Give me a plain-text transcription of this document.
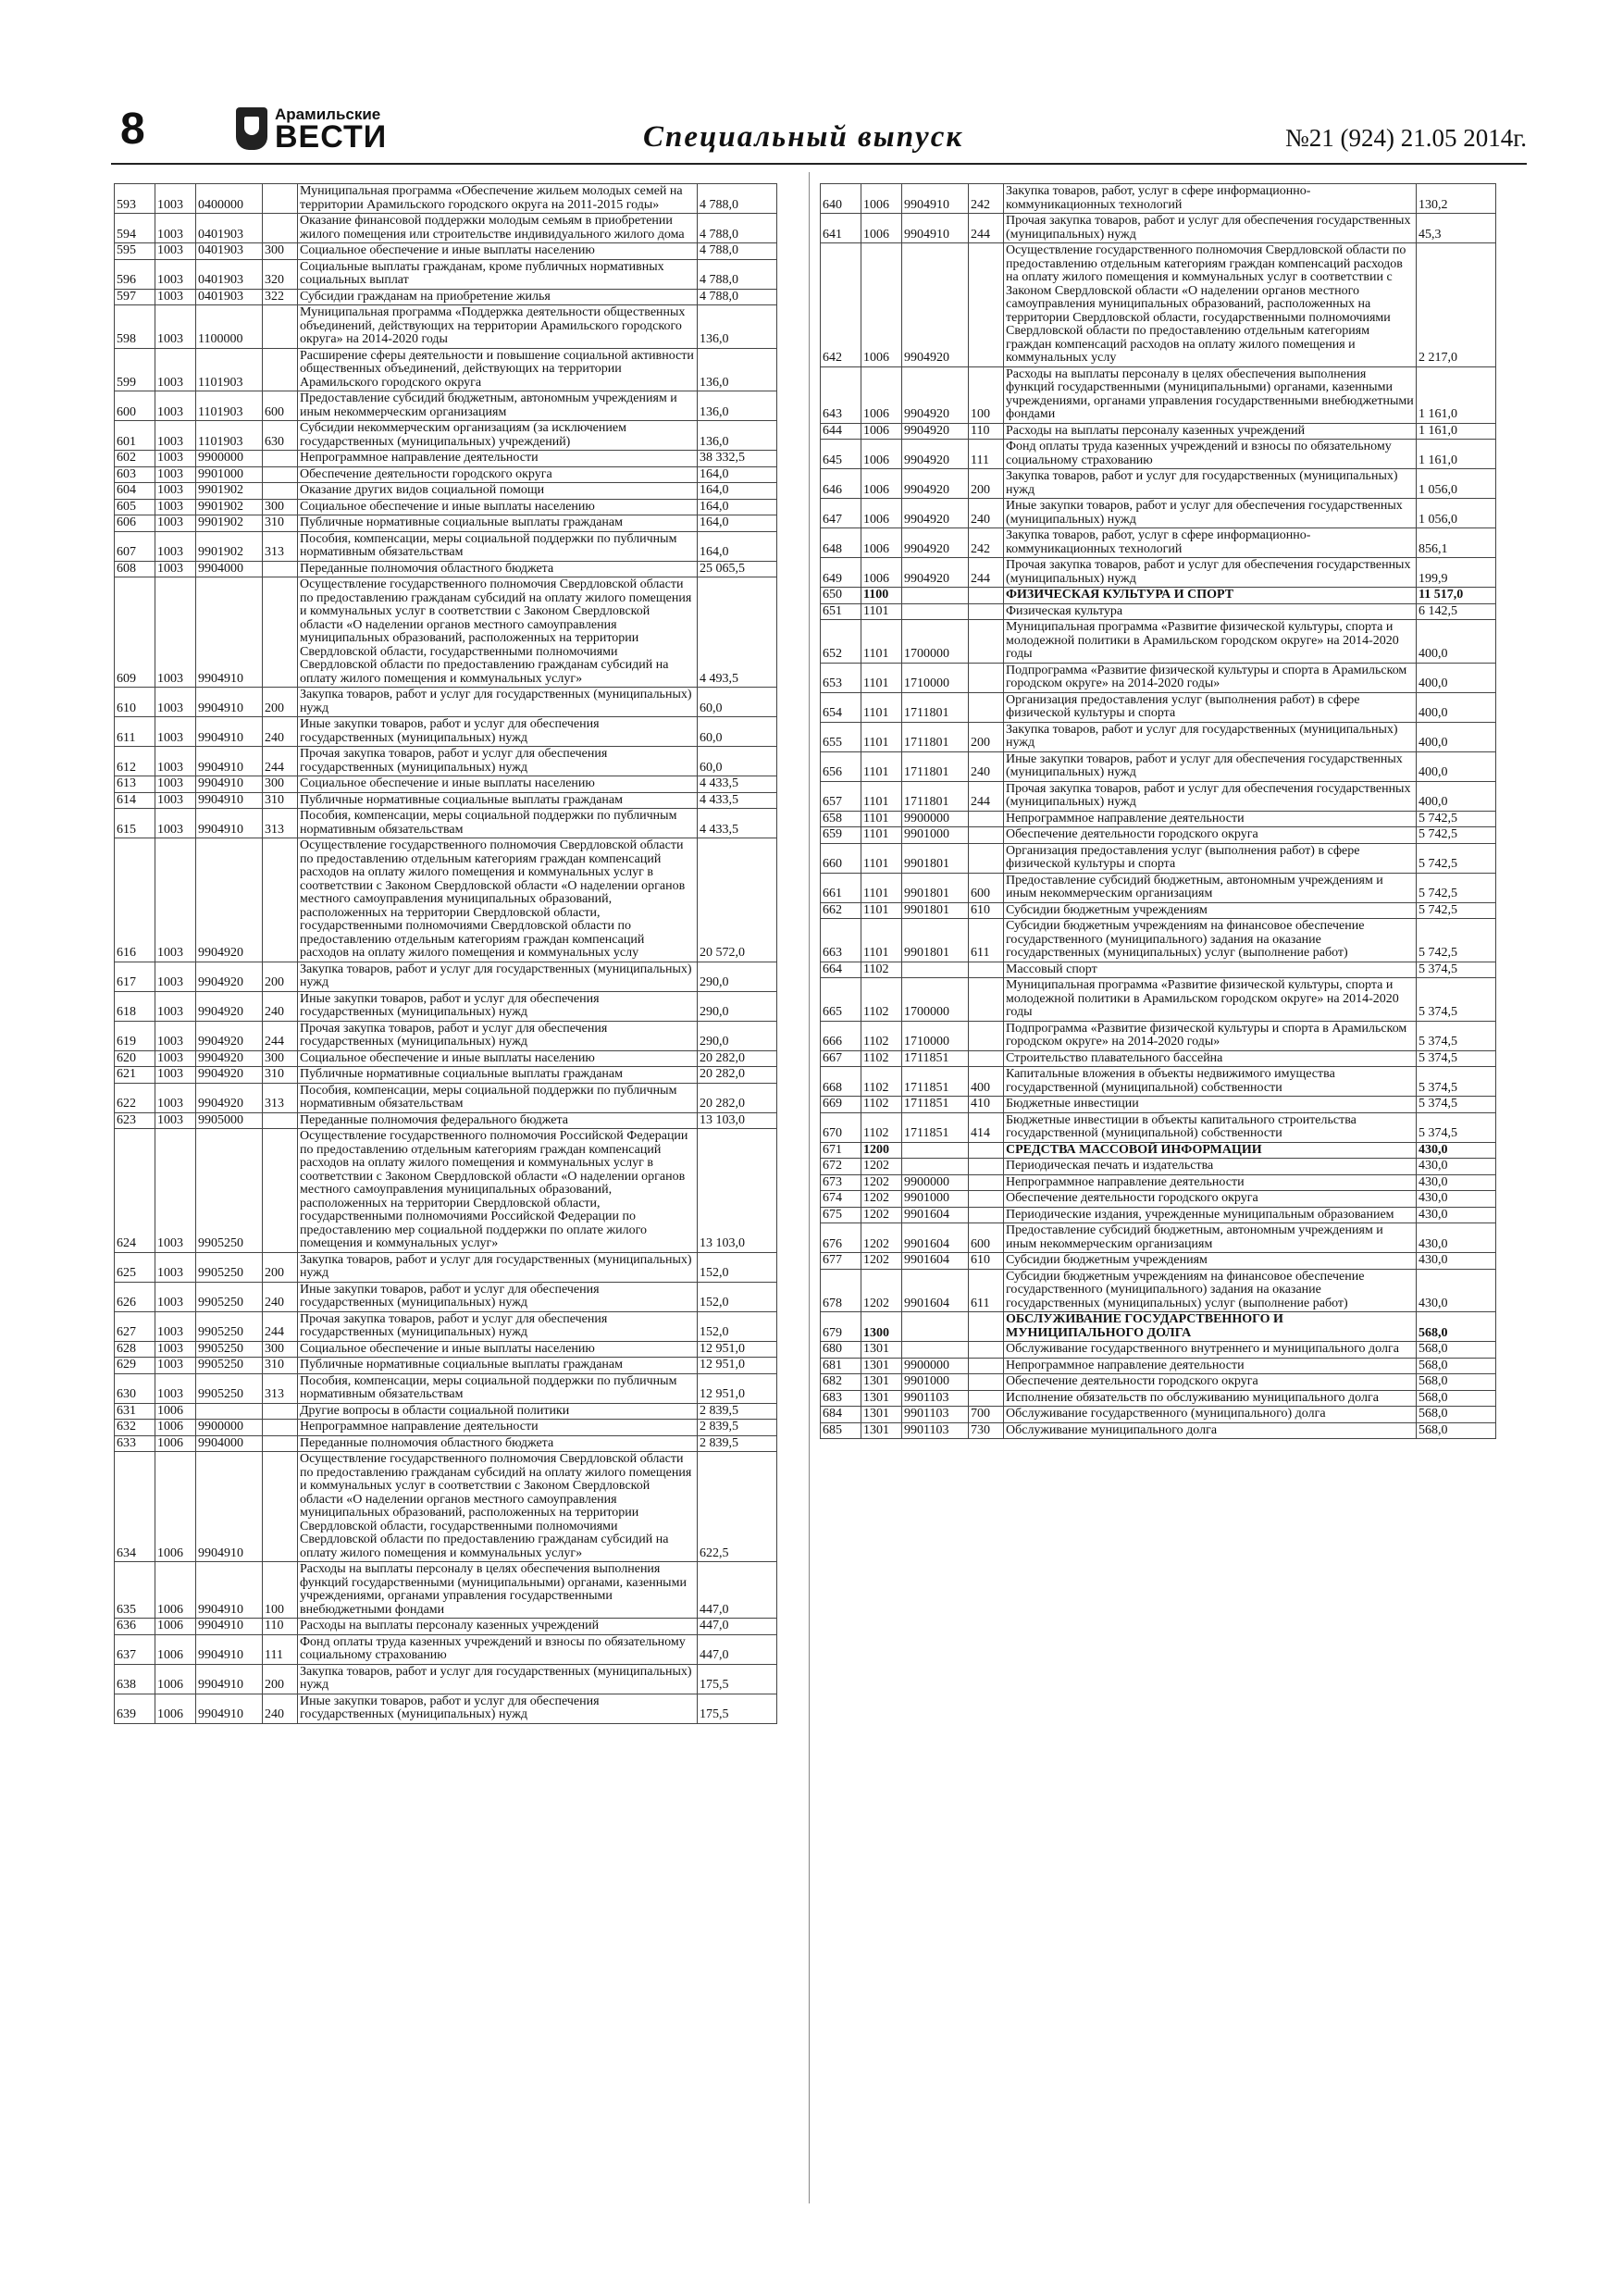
8	Арамильские
ВЕСТИ	Специальный выпуск	№21 (924) 21.05 2014г.
593	1003	0400000		Муниципальная программа «Обеспечение жильем молодых семей на территории Арамильского городского округа на 2011-2015 годы»	4 788,0
594	1003	0401903		Оказание финансовой поддержки молодым семьям в приобретении жилого помещения или строительстве индивидуального жилого дома	4 788,0
595	1003	0401903	300	Социальное обеспечение и иные выплаты населению	4 788,0
596	1003	0401903	320	Социальные выплаты гражданам, кроме публичных нормативных социальных выплат	4 788,0
597	1003	0401903	322	Субсидии гражданам на приобретение жилья	4 788,0
598	1003	1100000		Муниципальная программа «Поддержка деятельности общественных объединений, действующих на территории Арамильского городского округа» на 2014-2020 годы	136,0
599	1003	1101903		Расширение сферы деятельности и повышение социальной активности общественных объединений, действующих на территории Арамильского городского округа	136,0
600	1003	1101903	600	Предоставление субсидий бюджетным, автономным учреждениям и иным некоммерческим организациям	136,0
601	1003	1101903	630	Субсидии некоммерческим организациям (за исключением государственных (муниципальных) учреждений)	136,0
602	1003	9900000		Непрограммное направление деятельности	38 332,5
603	1003	9901000		Обеспечение деятельности городского округа	164,0
604	1003	9901902		Оказание других видов социальной помощи	164,0
605	1003	9901902	300	Социальное обеспечение и иные выплаты населению	164,0
606	1003	9901902	310	Публичные нормативные социальные выплаты гражданам	164,0
607	1003	9901902	313	Пособия, компенсации, меры социальной поддержки по публичным нормативным обязательствам	164,0
608	1003	9904000		Переданные полномочия областного бюджета	25 065,5
609	1003	9904910		Осуществление государственного полномочия Свердловской области по предоставлению гражданам субсидий на оплату жилого помещения и коммунальных услуг в соответствии с Законом Свердловской области «О наделении органов местного самоуправления муниципальных образований, расположенных на территории Свердловской области, государственными полномочиями Свердловской области по предоставлению гражданам субсидий на оплату жилого помещения и коммунальных услуг»	4 493,5
610	1003	9904910	200	Закупка товаров, работ и услуг для государственных (муниципальных) нужд	60,0
611	1003	9904910	240	Иные закупки товаров, работ и услуг для обеспечения государственных (муниципальных) нужд	60,0
612	1003	9904910	244	Прочая закупка товаров, работ и услуг для обеспечения государственных (муниципальных) нужд	60,0
613	1003	9904910	300	Социальное обеспечение и иные выплаты населению	4 433,5
614	1003	9904910	310	Публичные нормативные социальные выплаты гражданам	4 433,5
615	1003	9904910	313	Пособия, компенсации, меры социальной поддержки по публичным нормативным обязательствам	4 433,5
616	1003	9904920		Осуществление государственного полномочия Свердловской области по предоставлению отдельным категориям граждан компенсаций расходов на оплату жилого помещения и коммунальных услуг в соответствии с Законом Свердловской области «О наделении органов местного самоуправления муниципальных образований, расположенных на территории Свердловской области, государственными полномочиями Свердловской области по предоставлению отдельным категориям граждан компенсаций расходов на оплату жилого помещения и коммунальных услу	20 572,0
617	1003	9904920	200	Закупка товаров, работ и услуг для государственных (муниципальных) нужд	290,0
618	1003	9904920	240	Иные закупки товаров, работ и услуг для обеспечения государственных (муниципальных) нужд	290,0
619	1003	9904920	244	Прочая закупка товаров, работ и услуг для обеспечения государственных (муниципальных) нужд	290,0
620	1003	9904920	300	Социальное обеспечение и иные выплаты населению	20 282,0
621	1003	9904920	310	Публичные нормативные социальные выплаты гражданам	20 282,0
622	1003	9904920	313	Пособия, компенсации, меры социальной поддержки по публичным нормативным обязательствам	20 282,0
623	1003	9905000		Переданные полномочия федерального бюджета	13 103,0
624	1003	9905250		Осуществление государственного полномочия Российской Федерации по предоставлению отдельным категориям граждан компенсаций расходов на оплату жилого помещения и коммунальных услуг в соответствии с Законом Свердловской области «О наделении органов местного самоуправления муниципальных образований, расположенных на территории Свердловской области, государственными полномочиями Российской Федерации по предоставлению мер социальной поддержки по оплате жилого помещения и коммунальных услуг»	13 103,0
625	1003	9905250	200	Закупка товаров, работ и услуг для государственных (муниципальных) нужд	152,0
626	1003	9905250	240	Иные закупки товаров, работ и услуг для обеспечения государственных (муниципальных) нужд	152,0
627	1003	9905250	244	Прочая закупка товаров, работ и услуг для обеспечения государственных (муниципальных) нужд	152,0
628	1003	9905250	300	Социальное обеспечение и иные выплаты населению	12 951,0
629	1003	9905250	310	Публичные нормативные социальные выплаты гражданам	12 951,0
630	1003	9905250	313	Пособия, компенсации, меры социальной поддержки по публичным нормативным обязательствам	12 951,0
631	1006			Другие вопросы в области социальной политики	2 839,5
632	1006	9900000		Непрограммное направление деятельности	2 839,5
633	1006	9904000		Переданные полномочия областного бюджета	2 839,5
634	1006	9904910		Осуществление государственного полномочия Свердловской области по предоставлению гражданам субсидий на оплату жилого помещения и коммунальных услуг в соответствии с Законом Свердловской области «О наделении органов местного самоуправления муниципальных образований, расположенных на территории Свердловской области, государственными полномочиями Свердловской области по предоставлению гражданам субсидий на оплату жилого помещения и коммунальных услуг»	622,5
635	1006	9904910	100	Расходы на выплаты персоналу в целях обеспечения выполнения функций государственными (муниципальными) органами, казенными учреждениями, органами управления государственными внебюджетными фондами	447,0
636	1006	9904910	110	Расходы на выплаты персоналу казенных учреждений	447,0
637	1006	9904910	111	Фонд оплаты труда казенных учреждений и взносы по обязательному социальному страхованию	447,0
638	1006	9904910	200	Закупка товаров, работ и услуг для государственных (муниципальных) нужд	175,5
639	1006	9904910	240	Иные закупки товаров, работ и услуг для обеспечения государственных (муниципальных) нужд	175,5
640	1006	9904910	242	Закупка товаров, работ, услуг в сфере информационно-коммуникационных технологий	130,2
641	1006	9904910	244	Прочая закупка товаров, работ и услуг для обеспечения государственных (муниципальных) нужд	45,3
642	1006	9904920		Осуществление государственного полномочия Свердловской области по предоставлению отдельным категориям граждан компенсаций расходов на оплату жилого помещения и коммунальных услуг в соответствии с Законом Свердловской области «О наделении органов местного самоуправления муниципальных образований, расположенных на территории Свердловской области, государственными полномочиями Свердловской области по предоставлению отдельным категориям граждан компенсаций расходов на оплату жилого помещения и коммунальных услу	2 217,0
643	1006	9904920	100	Расходы на выплаты персоналу в целях обеспечения выполнения функций государственными (муниципальными) органами, казенными учреждениями, органами управления государственными внебюджетными фондами	1 161,0
644	1006	9904920	110	Расходы на выплаты персоналу казенных учреждений	1 161,0
645	1006	9904920	111	Фонд оплаты труда казенных учреждений и взносы по обязательному социальному страхованию	1 161,0
646	1006	9904920	200	Закупка товаров, работ и услуг для государственных (муниципальных) нужд	1 056,0
647	1006	9904920	240	Иные закупки товаров, работ и услуг для обеспечения государственных (муниципальных) нужд	1 056,0
648	1006	9904920	242	Закупка товаров, работ, услуг в сфере информационно-коммуникационных технологий	856,1
649	1006	9904920	244	Прочая закупка товаров, работ и услуг для обеспечения государственных (муниципальных) нужд	199,9
650	1100			ФИЗИЧЕСКАЯ КУЛЬТУРА И СПОРТ	11 517,0
651	1101			Физическая культура	6 142,5
652	1101	1700000		Муниципальная программа «Развитие физической культуры, спорта и молодежной политики в Арамильском городском округе» на 2014-2020 годы	400,0
653	1101	1710000		Подпрограмма «Развитие физической культуры и спорта в Арамильском городском округе» на 2014-2020 годы»	400,0
654	1101	1711801		Организация предоставления услуг (выполнения работ) в сфере физической культуры и спорта	400,0
655	1101	1711801	200	Закупка товаров, работ и услуг для государственных (муниципальных) нужд	400,0
656	1101	1711801	240	Иные закупки товаров, работ и услуг для обеспечения государственных (муниципальных) нужд	400,0
657	1101	1711801	244	Прочая закупка товаров, работ и услуг для обеспечения государственных (муниципальных) нужд	400,0
658	1101	9900000		Непрограммное направление деятельности	5 742,5
659	1101	9901000		Обеспечение деятельности городского округа	5 742,5
660	1101	9901801		Организация предоставления услуг (выполнения работ) в сфере физической культуры и спорта	5 742,5
661	1101	9901801	600	Предоставление субсидий бюджетным, автономным учреждениям и иным некоммерческим организациям	5 742,5
662	1101	9901801	610	Субсидии бюджетным учреждениям	5 742,5
663	1101	9901801	611	Субсидии бюджетным учреждениям на финансовое обеспечение государственного (муниципального) задания на оказание государственных (муниципальных) услуг (выполнение работ)	5 742,5
664	1102			Массовый спорт	5 374,5
665	1102	1700000		Муниципальная программа «Развитие физической культуры, спорта и молодежной политики в Арамильском городском округе» на 2014-2020 годы	5 374,5
666	1102	1710000		Подпрограмма «Развитие физической культуры и спорта в Арамильском городском округе» на 2014-2020 годы»	5 374,5
667	1102	1711851		Строительство плавательного бассейна	5 374,5
668	1102	1711851	400	Капитальные вложения в объекты недвижимого имущества государственной (муниципальной) собственности	5 374,5
669	1102	1711851	410	Бюджетные инвестиции	5 374,5
670	1102	1711851	414	Бюджетные инвестиции в объекты капитального строительства государственной (муниципальной) собственности	5 374,5
671	1200			СРЕДСТВА МАССОВОЙ ИНФОРМАЦИИ	430,0
672	1202			Периодическая печать и издательства	430,0
673	1202	9900000		Непрограммное направление деятельности	430,0
674	1202	9901000		Обеспечение деятельности городского округа	430,0
675	1202	9901604		Периодические издания, учрежденные муниципальным образованием	430,0
676	1202	9901604	600	Предоставление субсидий бюджетным, автономным учреждениям и иным некоммерческим организациям	430,0
677	1202	9901604	610	Субсидии бюджетным учреждениям	430,0
678	1202	9901604	611	Субсидии бюджетным учреждениям на финансовое обеспечение государственного (муниципального) задания на оказание государственных (муниципальных) услуг (выполнение работ)	430,0
679	1300			ОБСЛУЖИВАНИЕ ГОСУДАРСТВЕННОГО И МУНИЦИПАЛЬНОГО ДОЛГА	568,0
680	1301			Обслуживание государственного внутреннего и муниципального долга	568,0
681	1301	9900000		Непрограммное направление деятельности	568,0
682	1301	9901000		Обеспечение деятельности городского округа	568,0
683	1301	9901103		Исполнение обязательств по обслуживанию муниципального долга	568,0
684	1301	9901103	700	Обслуживание государственного (муниципального) долга	568,0
685	1301	9901103	730	Обслуживание муниципального долга	568,0
